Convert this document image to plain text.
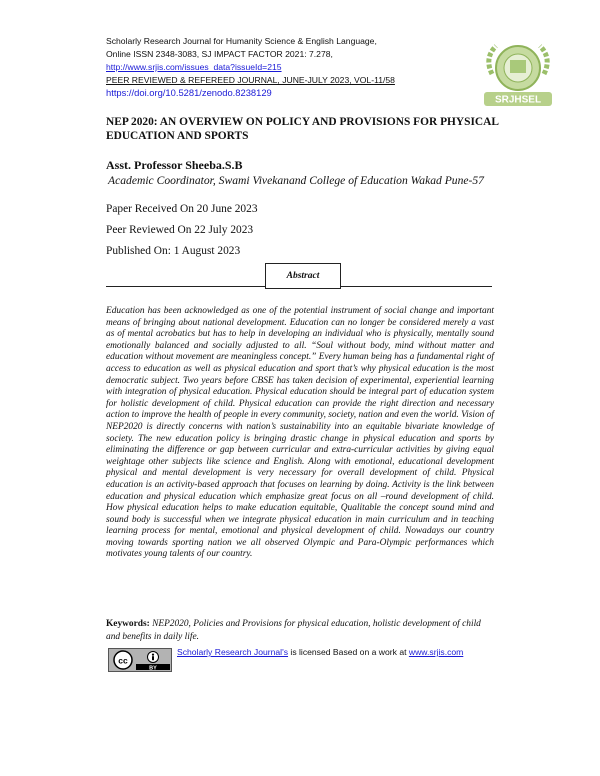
Scholarly Research Journal for Humanity Science & English Language,
Online ISSN 2348-3083, SJ IMPACT FACTOR 2021: 7.278,
http://www.srjis.com/issues_data?issueId=215
PEER REVIEWED & REFEREED JOURNAL, JUNE-JULY 2023, VOL-11/58
https://doi.org/10.5281/zenodo.8238129
SRJHSEL
NEP 2020: AN OVERVIEW ON POLICY AND PROVISIONS FOR PHYSICAL EDUCATION AND SPORTS
Asst. Professor Sheeba.S.B
Academic Coordinator, Swami Vivekanand College of Education Wakad Pune-57
Paper Received On 20 June 2023
Peer Reviewed On 22 July 2023
Published On: 1 August 2023
Abstract
Education has been acknowledged as one of the potential instrument of social change and important means of bringing about national development. Education can no longer be considered merely a vast as of mental acrobatics but has to help in developing an individual who is physically, mentally sound emotionally balanced and socially adjusted to all. “Soul without body, mind without matter and education without movement are meaningless concept.” Every human being has a fundamental right of access to education as well as physical education and sport that’s why physical education is the most democratic subject. Two years before CBSE has taken decision of experimental, experiential learning with integration of physical education. Physical education should be integral part of education system for holistic development of child. Physical education can provide the right direction and necessary action to improve the health of people in every community, society, nation and even the world. Vision of NEP2020 is directly concerns with nation’s sustainability into an equitable bivariate knowledge of society. The new education policy is bringing drastic change in physical education and sports by eliminating the difference or gap between curricular and extra-curricular activities by giving equal weightage other subjects like science and English. Along with emotional, educational development physical and mental development is very necessary for overall development of child. Physical education is an activity-based approach that focuses on learning by doing. Activity is the link between education and physical education which emphasize great focus on all –round development of child. How physical education helps to make education equitable, Qualitable the concept sound mind and sound body is successful when we integrate physical education in main curriculum and in teaching learning process for mental, emotional and physical development of child. Nowadays our country moving towards sporting nation we all observed Olympic and Para-Olympic performances which motivates young talents of our country.
Keywords: NEP2020, Policies and Provisions for physical education, holistic development of child and benefits in daily life.
cc
BY
Scholarly Research Journal's is licensed Based on a work at www.srjis.com
